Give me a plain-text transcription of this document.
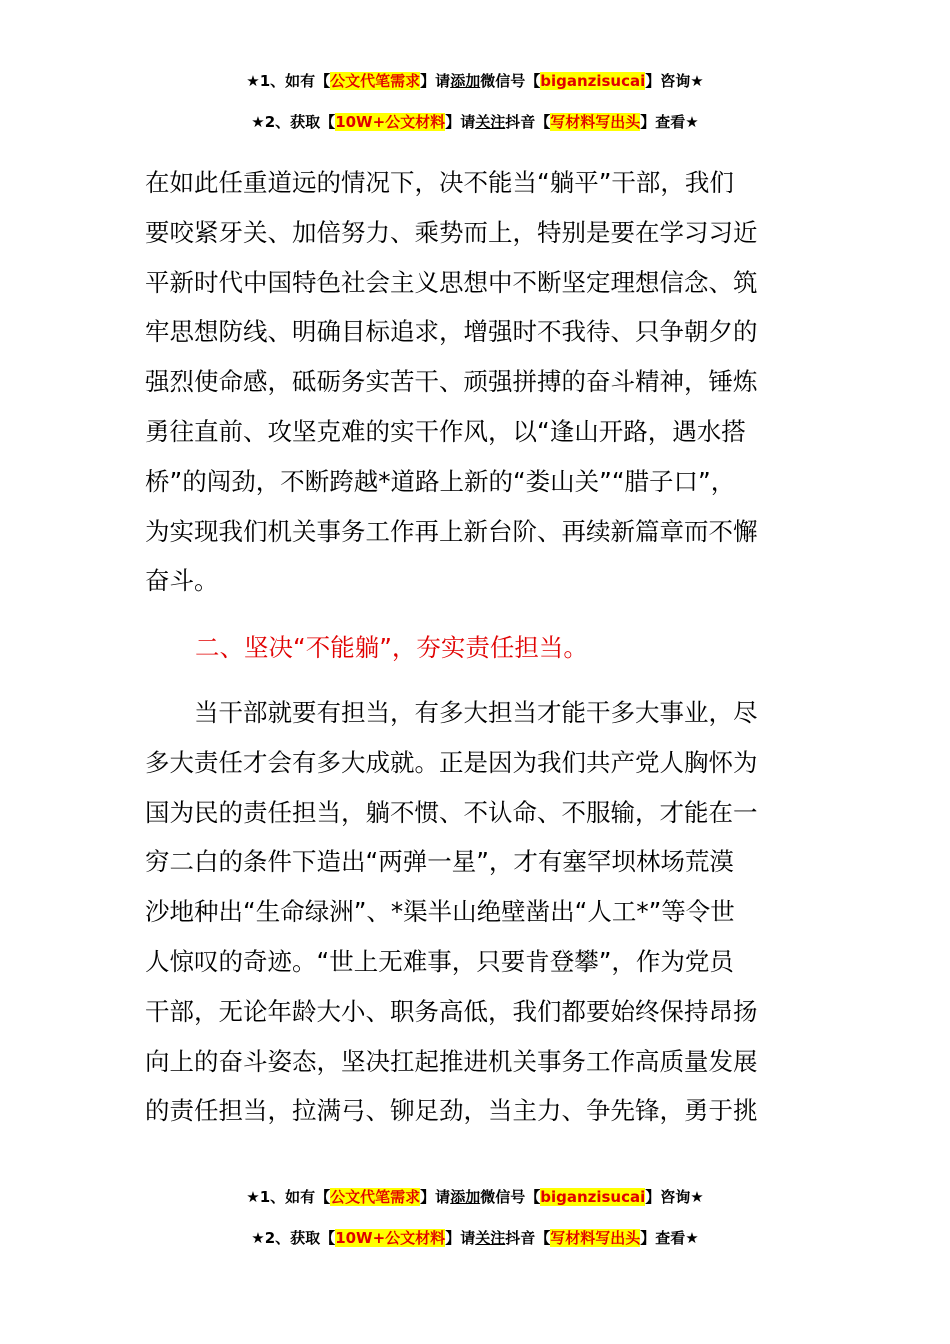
★1、如有【公文代笔需求】请添加微信号【biganzisucai】咨询★
★2、获取【10W+公文材料】请关注抖音【写材料写出头】查看★
在如此任重道远的情况下，决不能当“躺平”干部，我们
要咬紧牙关、加倍努力、乘势而上，特别是要在学习习近
平新时代中国特色社会主义思想中不断坚定理想信念、筑
牢思想防线、明确目标追求，增强时不我待、只争朝夕的
强烈使命感，砥砺务实苦干、顽强拼搏的奋斗精神，锤炼
勇往直前、攻坚克难的实干作风，以“逢山开路，遇水搭
桥”的闯劲，不断跨越*道路上新的“娄山关”“腊子口”，
为实现我们机关事务工作再上新台阶、再续新篇章而不懈
奋斗。
二、坚决“不能躺”，夯实责任担当。
　　当干部就要有担当，有多大担当才能干多大事业，尽
多大责任才会有多大成就。正是因为我们共产党人胸怀为
国为民的责任担当，躺不惯、不认命、不服输，才能在一
穷二白的条件下造出“两弹一星”，才有塞罕坝林场荒漠
沙地种出“生命绿洲”、*渠半山绝壁凿出“人工*”等令世
人惊叹的奇迹。“世上无难事，只要肯登攀”，作为党员
干部，无论年龄大小、职务高低，我们都要始终保持昂扬
向上的奋斗姿态，坚决扛起推进机关事务工作高质量发展
的责任担当，拉满弓、铆足劲，当主力、争先锋，勇于挑
★1、如有【公文代笔需求】请添加微信号【biganzisucai】咨询★
★2、获取【10W+公文材料】请关注抖音【写材料写出头】查看★
